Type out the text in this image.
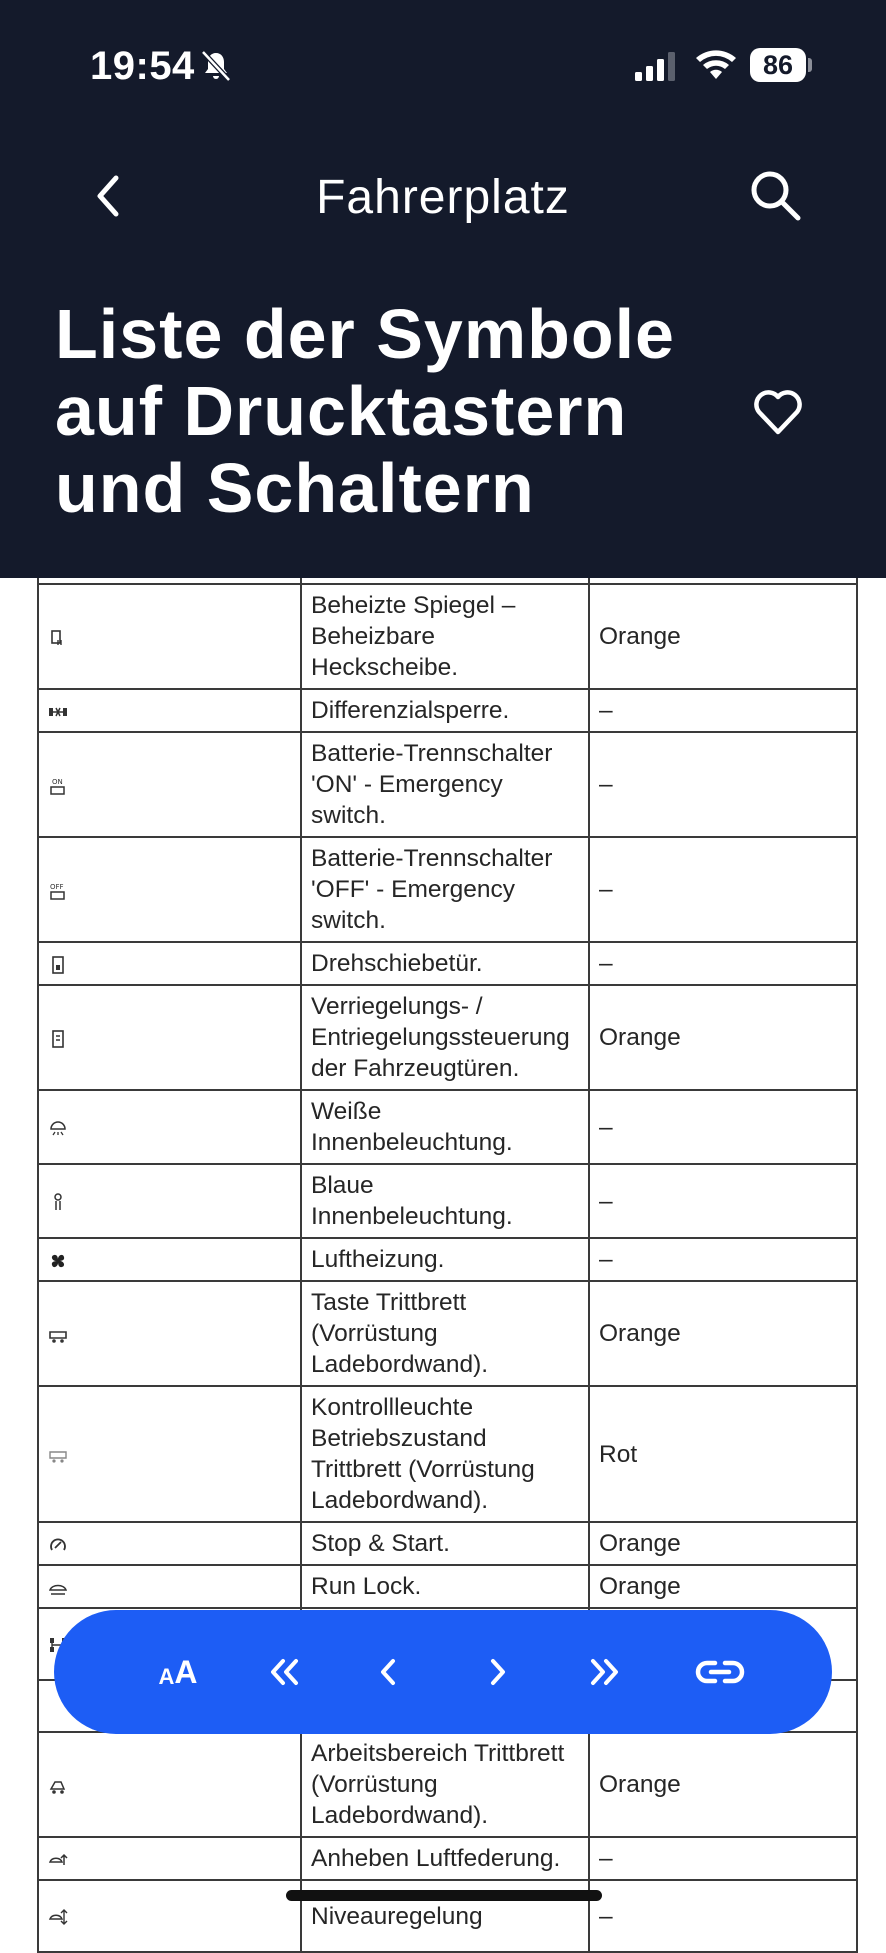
19:54	86
Fahrerplatz
Liste der Symbole auf Drucktastern und Schaltern

	Beheizte Spiegel – Beheizbare Heckscheibe.	Orange
	Differenzialsperre.	–

ON	Batterie-Trennschalter 'ON' - Emergency switch.	–

OFF	Batterie-Trennschalter 'OFF' - Emergency switch.	–
	Drehschiebetür.	–
	Verriegelungs- / Entriegelungssteuerung der Fahrzeugtüren.	Orange
	Weiße Innenbeleuchtung.	–
	Blaue Innenbeleuchtung.	–
	Luftheizung.	–
	Taste Trittbrett (Vorrüstung Ladebordwand).	Orange
	Kontrollleuchte Betriebszustand Trittbrett (Vorrüstung Ladebordwand).	Rot
	Stop & Start.	Orange
	Run Lock.	Orange

	Arbeitsbereich Trittbrett (Vorrüstung Ladebordwand).	Orange
	Anheben Luftfederung.	–
	Niveauregelung	–
A A
